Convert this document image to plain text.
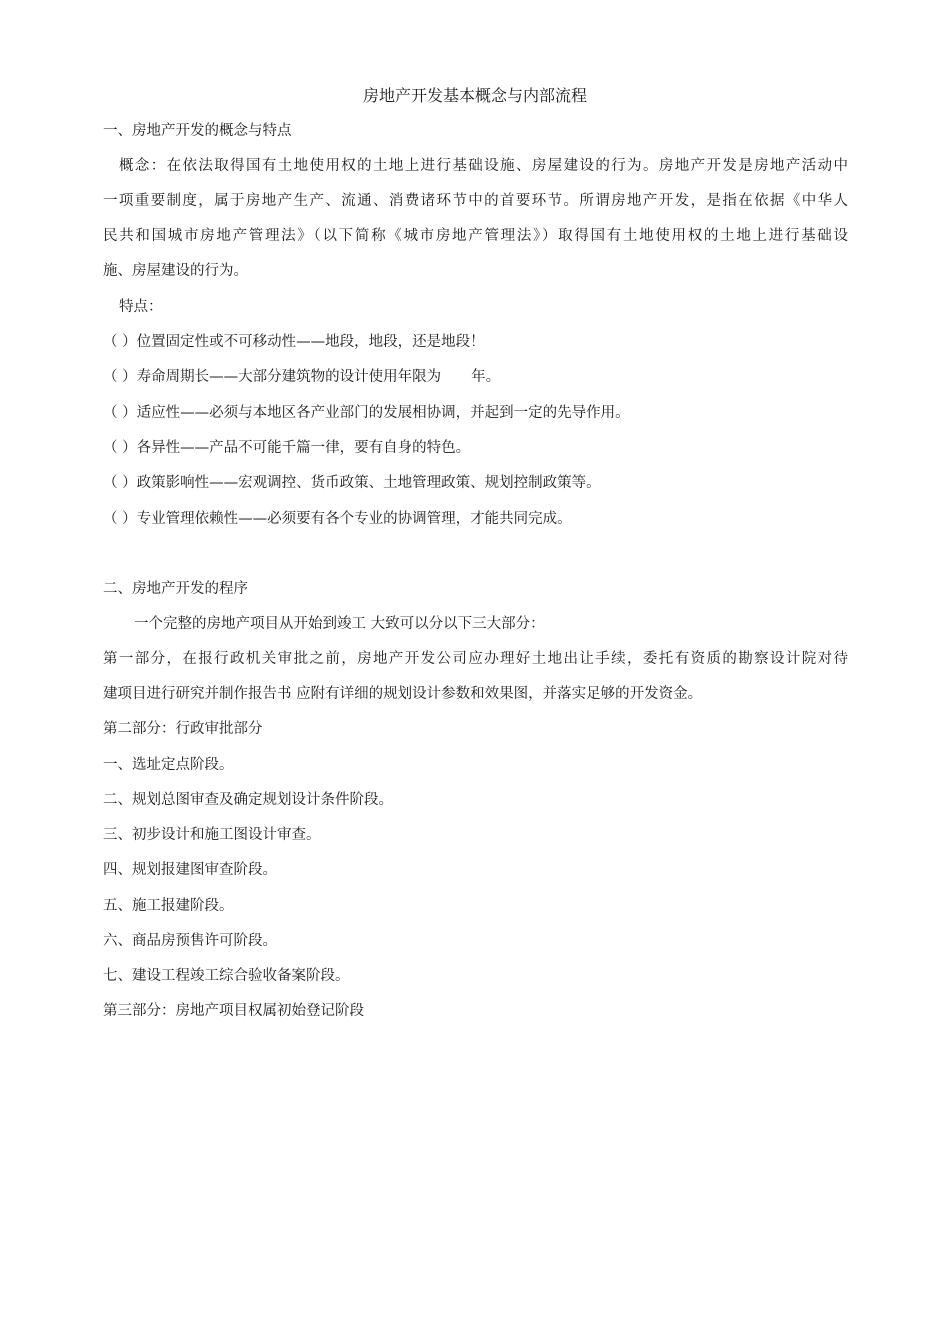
房地产开发基本概念与内部流程
一、房地产开发的概念与特点
概念：在依法取得国有土地使用权的土地上进行基础设施、房屋建设的行为。房地产开发是房地产活动中
一项重要制度，属于房地产生产、流通、消费诸环节中的首要环节。所谓房地产开发，是指在依据《中华人
民共和国城市房地产管理法》（以下简称《城市房地产管理法》）取得国有土地使用权的土地上进行基础设
施、房屋建设的行为。
特点：
（ ）位置固定性或不可移动性——地段，地段，还是地段！
（ ）寿命周期长——大部分建筑物的设计使用年限为 年。
（ ）适应性——必须与本地区各产业部门的发展相协调，并起到一定的先导作用。
（ ）各异性——产品不可能千篇一律，要有自身的特色。
（ ）政策影响性——宏观调控、货币政策、土地管理政策、规划控制政策等。
（ ）专业管理依赖性——必须要有各个专业的协调管理，才能共同完成。
二、房地产开发的程序
一个完整的房地产项目从开始到竣工 大致可以分以下三大部分：
第一部分，在报行政机关审批之前，房地产开发公司应办理好土地出让手续，委托有资质的勘察设计院对待
建项目进行研究并制作报告书 应附有详细的规划设计参数和效果图，并落实足够的开发资金。
第二部分：行政审批部分
一、选址定点阶段。
二、规划总图审查及确定规划设计条件阶段。
三、初步设计和施工图设计审查。
四、规划报建图审查阶段。
五、施工报建阶段。
六、商品房预售许可阶段。
七、建设工程竣工综合验收备案阶段。
第三部分：房地产项目权属初始登记阶段
